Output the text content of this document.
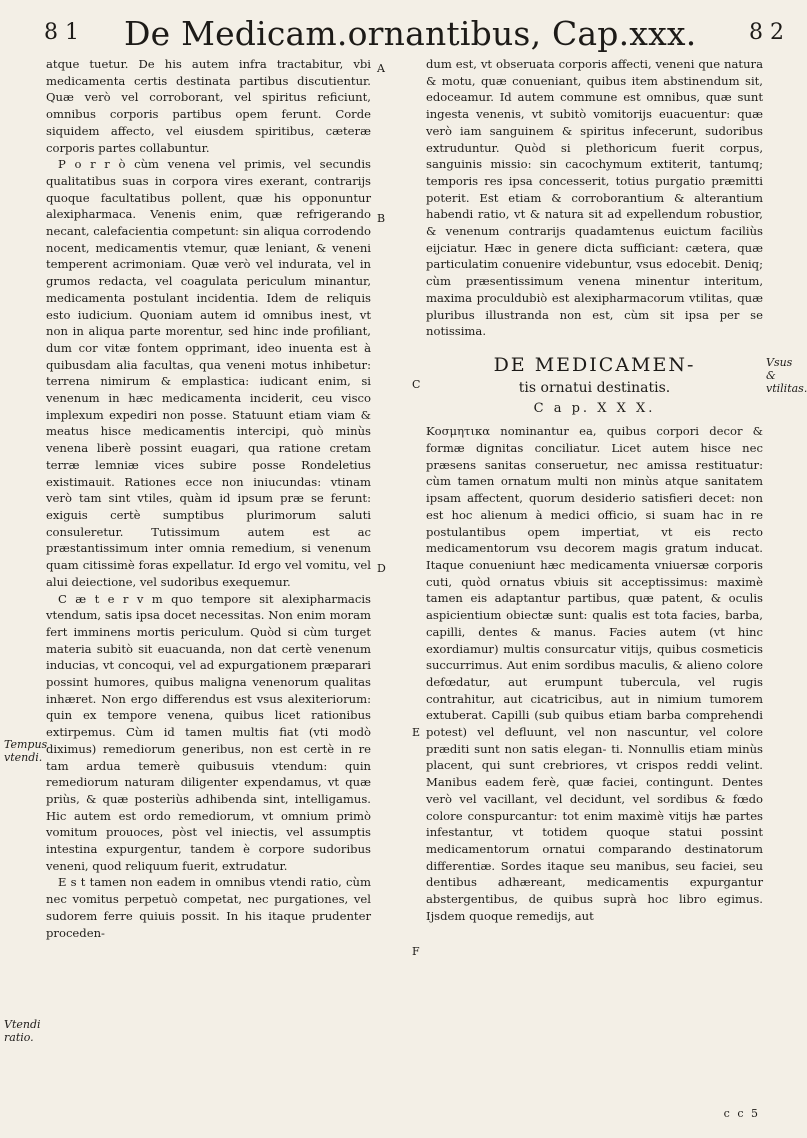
8 1 De Medicam.ornantibus, Cap.xxx. 8 2

atque tuetur. De his autem infra tractabitur, vbi medicamenta certis destinata partibus discutientur. Quæ verò vel corroborant, vel spiritus reficiunt, omnibus corporis partibus opem ferunt. Corde siquidem affecto, vel eiusdem spiritibus, cæteræ corporis partes collabuntur.

P o r r ò cùm venena vel primis, vel secundis qualitatibus suas in corpora vires exerant, contrarijs quoque facultatibus pollent, quæ his opponuntur alexipharmaca. Venenis enim, quæ refrigerando necant, calefacientia competunt: sin aliqua corrodendo nocent, medicamentis vtemur, quæ leniant, & veneni temperent acrimoniam. Quæ verò vel indurata, vel in grumos redacta, vel coagulata periculum minantur, medicamenta postulant incidentia. Idem de reliquis esto iudicium. Quoniam autem id omnibus inest, vt non in aliqua parte morentur, sed hinc inde profiliant, dum cor vitæ fontem opprimant, ideo inuenta est à quibusdam alia facultas, qua veneni motus inhibetur: terrena nimirum & emplastica: iudicant enim, si venenum in hæc medicamenta inciderit, ceu visco implexum expediri non posse. Statuunt etiam viam & meatus hisce medicamentis intercipi, quò minùs venena liberè possint euagari, qua ratione cretam terræ lemniæ vices subire posse Rondeletius existimauit. Rationes ecce non iniucundas: vtinam verò tam sint vtiles, quàm id ipsum præ se ferunt: exiguis certè sumptibus plurimorum saluti consuleretur. Tutissimum autem est ac præstantissimum inter omnia remedium, si venenum quam citissimè foras expellatur. Id ergo vel vomitu, vel alui deiectione, vel sudoribus exequemur.

C æ t e r v m quo tempore sit alexipharmacis vtendum, satis ipsa docet necessitas. Non enim moram fert imminens mortis periculum. Quòd si cùm turget materia subitò sit euacuanda, non dat certè venenum inducias, vt concoqui, vel ad expurgationem præparari possint humores, quibus maligna venenorum qualitas inhæret. Non ergo differendus est vsus alexiteriorum: quin ex tempore venena, quibus licet rationibus extirpemus. Cùm id tamen multis fiat (vti modò diximus) remediorum generibus, non est certè in re tam ardua temerè quibusuis vtendum: quin remediorum naturam diligenter expendamus, vt quæ priùs, & quæ posteriùs adhibenda sint, intelligamus. Hic autem est ordo remediorum, vt omnium primò vomitum prouoces, pòst vel iniectis, vel assumptis intestina expurgentur, tandem è corpore sudoribus veneni, quod reliquum fuerit, extrudatur.

E s t tamen non eadem in omnibus vtendi ratio, cùm nec vomitus perpetuò competat, nec purgationes, vel sudorem ferre quiuis possit. In his itaque prudenter proceden-

dum est, vt obseruata corporis affecti, veneni que natura & motu, quæ conueniant, quibus item abstinendum sit, edoceamur. Id autem commune est omnibus, quæ sunt ingesta venenis, vt subitò vomitorijs euacuentur: quæ verò iam sanguinem & spiritus infecerunt, sudoribus extruduntur. Quòd si plethoricum fuerit corpus, sanguinis missio: sin cacochymum extiterit, tantumq; temporis res ipsa concesserit, totius purgatio præmitti poterit. Est etiam & corroborantium & alterantium habendi ratio, vt & natura sit ad expellendum robustior, & venenum contrarijs quadamtenus euictum faciliùs eijciatur. Hæc in genere dicta sufficiant: cætera, quæ particulatim conuenire videbuntur, vsus edocebit. Deniq; cùm præsentissimum venena minentur interitum, maxima proculdubiò est alexipharmacorum vtilitas, quæ pluribus illustranda non est, cùm sit ipsa per se notissima.

DE MEDICAMEN-
tis ornatui destinatis.
C a p. X X X.

Kοσμητικα nominantur ea, quibus corpori decor & formæ dignitas conciliatur. Licet autem hisce nec præsens sanitas conseruetur, nec amissa restituatur: cùm tamen ornatum multi non minùs atque sanitatem ipsam affectent, quorum desiderio satisfieri decet: non est hoc alienum à medici officio, si suam hac in re postulantibus opem impertiat, vt eis recto medicamentorum vsu decorem magis gratum inducat. Itaque conueniunt hæc medicamenta vniuersæ corporis cuti, quòd ornatus vbiuis sit acceptissimus: maximè tamen eis adaptantur partibus, quæ patent, & oculis aspicientium obiectæ sunt: qualis est tota facies, barba, capilli, dentes & manus. Facies autem (vt hinc exordiamur) multis consurcatur vitijs, quibus cosmeticis succurrimus. Aut enim sordibus maculis, & alieno colore defœdatur, aut erumpunt tubercula, vel rugis contrahitur, aut cicatricibus, aut in nimium tumorem extuberat. Capilli (sub quibus etiam barba comprehendi potest) vel defluunt, vel non nascuntur, vel colore præditi sunt non satis elegan- ti. Nonnullis etiam minùs placent, qui sunt crebriores, vt crispos reddi velint. Manibus eadem ferè, quæ faciei, contingunt. Dentes verò vel vacillant, vel decidunt, vel sordibus & fœdo colore conspurcantur: tot enim maximè vitijs hæ partes infestantur, vt totidem quoque statui possint medicamentorum ornatui comparando destinatorum differentiæ. Sordes itaque seu manibus, seu faciei, seu dentibus adhæreant, medicamentis expurgantur abstergentibus, de quibus suprà hoc libro egimus. Ijsdem quoque remedijs, aut

A
B
C
D
E
F
Tempus vtendi.
Vtendi ratio.
Vsus & vtilitas.
c c 5
